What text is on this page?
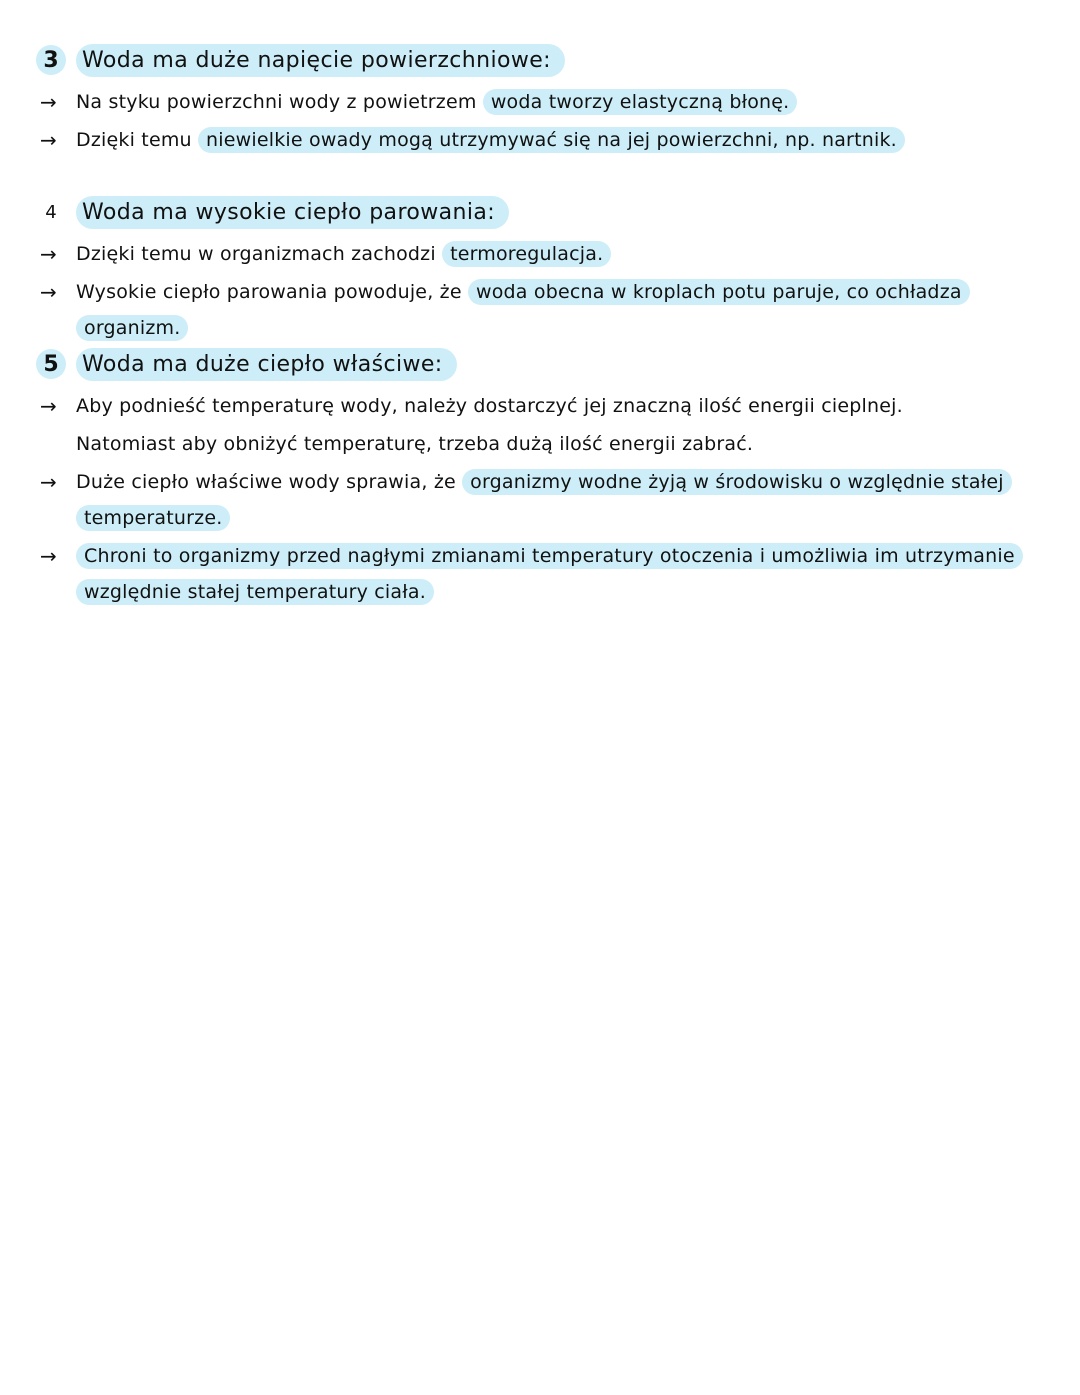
3	Woda ma duże napięcie powierzchniowe:
→	Na styku powierzchni wody z powietrzem woda tworzy elastyczną błonę.
→	Dzięki temu niewielkie owady mogą utrzymywać się na jej powierzchni, np. nartnik.
4	Woda ma wysokie ciepło parowania:
→	Dzięki temu w organizmach zachodzi termoregulacja.
→	Wysokie ciepło parowania powoduje, że woda obecna w kroplach potu paruje, co ochładza organizm.
5	Woda ma duże ciepło właściwe:
→	Aby podnieść temperaturę wody, należy dostarczyć jej znaczną ilość energii cieplnej.
Natomiast aby obniżyć temperaturę, trzeba dużą ilość energii zabrać.
→	Duże ciepło właściwe wody sprawia, że organizmy wodne żyją w środowisku o względnie stałej temperaturze.
→	Chroni to organizmy przed nagłymi zmianami temperatury otoczenia i umożliwia im utrzymanie względnie stałej temperatury ciała.
